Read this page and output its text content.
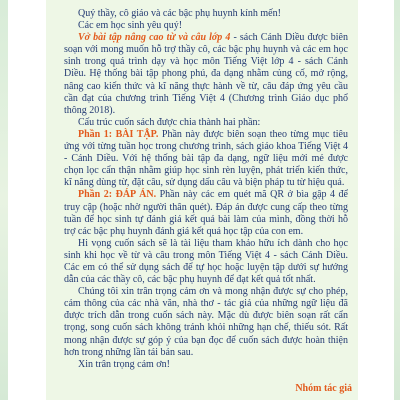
Quý thầy, cô giáo và các bậc phụ huynh kính mến!

Các em học sinh yêu quý!

Vở bài tập nâng cao từ và câu lớp 4 - sách Cánh Diều được biên soạn với mong muốn hỗ trợ thầy cô, các bậc phụ huynh và các em học sinh trong quá trình dạy và học môn Tiếng Việt lớp 4 - sách Cánh Diều. Hệ thống bài tập phong phú, đa dạng nhằm củng cố, mở rộng, nâng cao kiến thức và kĩ năng thực hành về từ, câu đáp ứng yêu cầu cần đạt của chương trình Tiếng Việt 4 (Chương trình Giáo dục phổ thông 2018).

Cấu trúc cuốn sách được chia thành hai phần:

Phần 1: BÀI TẬP. Phần này được biên soạn theo từng mục tiêu ứng với từng tuần học trong chương trình, sách giáo khoa Tiếng Việt 4 - Cánh Diều. Với hệ thống bài tập đa dạng, ngữ liệu mới mẻ được chọn lọc cẩn thận nhằm giúp học sinh rèn luyện, phát triển kiến thức, kĩ năng dùng từ, đặt câu, sử dụng dấu câu và biện pháp tu từ hiệu quả.

Phần 2: ĐÁP ÁN. Phần này các em quét mã QR ở bìa gập 4 để truy cập (hoặc nhờ người thân quét). Đáp án được cung cấp theo từng tuần để học sinh tự đánh giá kết quả bài làm của mình, đồng thời hỗ trợ các bậc phụ huynh đánh giá kết quả học tập của con em.

Hi vọng cuốn sách sẽ là tài liệu tham khảo hữu ích dành cho học sinh khi học về từ và câu trong môn Tiếng Việt 4 - sách Cánh Diều. Các em có thể sử dụng sách để tự học hoặc luyện tập dưới sự hướng dẫn của các thầy cô, các bậc phụ huynh để đạt kết quả tốt nhất.

Chúng tôi xin trân trọng cảm ơn và mong nhận được sự cho phép, cảm thông của các nhà văn, nhà thơ - tác giả của những ngữ liệu đã được trích dẫn trong cuốn sách này. Mặc dù được biên soạn rất cẩn trọng, song cuốn sách không tránh khỏi những hạn chế, thiếu sót. Rất mong nhận được sự góp ý của bạn đọc để cuốn sách được hoàn thiện hơn trong những lần tái bản sau.

Xin trân trọng cảm ơn!

Nhóm tác giả
